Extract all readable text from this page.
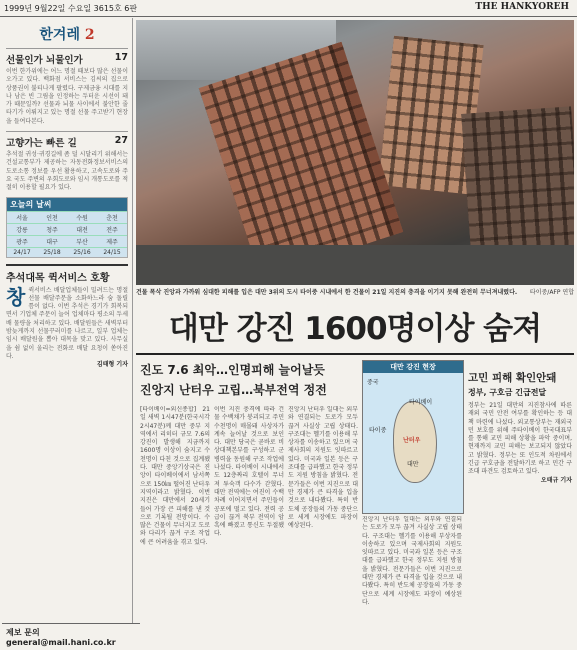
1999년 9월22일 수요일 3615호 6판	THE HANKYOREH
한겨레 2
선물인가 뇌물인가	17
이번 한가위에는 어느 명절 때보다 많은 선물이 오가고 있다. 백화점 서비스는 김씨의 집으로 상품권이 불티나게 팔렸다. 구제금융 시대를 지나 남은 빈 그림을 인정하는 두터운 시선이 돼가 때문일까? 선물과 뇌물 사이에서 불안한 줄타기가 이뤄지고 있는 명절 선물 주고받기 현장을 들여다본다.
고향가는 빠른 길	27
추석절 귀성·귀경길에 좀 덜 시달리기 위해서는 건설교통부가 제공하는 자동전화정보서비스의 도로소통 정보를 우선 활용하고, 고속도로와 주요 국도 주변의 우회도로와 임시 개통도로를 적절히 이용할 필요가 있다.
오늘의 날씨
서울	인천	수원	춘천
강릉	청주	대전	전주
광주	대구	부산	제주
24/17	25/18	25/16	24/15
추석대목 퀵서비스 호황
창퀵서비스 배달업체들이 밀려드는 명절 선물 배달주문을 소화하느라 숨 돌릴 틈이 없다. 이번 추석은 경기가 회복되면서 기업체 주문이 늘어 업체마다 평소의 두세 배 물량을 처리하고 있다. 배달원들은 새벽부터 밤늦게까지 선물꾸러미를 나르고, 일부 업체는 임시 배달원을 뽑아 대목을 맞고 있다. 사무실을 쉼 없이 울리는 전화로 배달 요청이 쏟아진다.
김태형 기자
제보 문의 general@mail.hani.co.kr
건물 폭삭 진앙과 가까워 심대한 피해를 입은 대만 3위의 도시 타이중 시내에서 한 건물이 21일 지진의 충격을 이기지 못해 완전히 무너져내렸다. 타이중/AFP 연합
대만 강진 1600명이상 숨져
진도 7.6 최악…인명피해 늘어날듯
진앙지 난터우 고립…북부전역 정전
대만 강진 현장
중국
타이베이
타이중
난터우
대만
고민 피해 확인안돼
정부, 구호금 긴급전달
정부는 21일 대만의 지진참사에 따른 재외 국민 안전 여부를 확인하는 등 대책 마련에 나섰다. 외교통상부는 재외국민 보호를 위해 주타이베이 한국대표부를 통해 교민 피해 상황을 파악 중이며, 현재까지 교민 피해는 보고되지 않았다고 밝혔다. 정부는 또 인도적 차원에서 긴급 구호금을 전달하기로 하고 민간 구조대 파견도 검토하고 있다.
오태규 기자
[타이베이=외신종합] 21일 새벽 1시47분(한국시각 2시47분)께 대만 중부 지역에서 리히터 규모 7.6의 강진이 발생해 지금까지 1600명 이상이 숨지고 수천명이 다친 것으로 집계됐다. 대만 중앙기상국은 진앙이 타이베이에서 남서쪽으로 150㎞ 떨어진 난터우 지역이라고 밝혔다. 이번 지진은 대만에서 20세기 들어 가장 큰 피해를 낸 것으로 기록될 전망이다. 수많은 건물이 무너지고 도로와 다리가 끊겨 구조 작업에 큰 어려움을 겪고 있다.
이번 지진 충격에 따라 건물 수백채가 붕괴되고 주민 수천명이 매몰돼 사상자가 계속 늘어날 것으로 보인다. 대만 당국은 곧바로 비상대책본부를 구성하고 군 병력을 동원해 구조 작업에 나섰다. 타이베이 시내에서도 12층짜리 호텔이 무너져 투숙객 다수가 갇혔다. 대만 전역에는 여진이 수백차례 이어지면서 주민들이 공포에 떨고 있다. 전력 공급이 끊겨 북부 전역이 암흑에 빠졌고 통신도 두절됐다.
진앙지 난터우 일대는 외부와 연결되는 도로가 모두 끊겨 사실상 고립 상태다. 구조대는 헬기를 이용해 부상자를 이송하고 있으며 국제사회의 지원도 잇따르고 있다. 미국과 일본 등은 구조대를 급파했고 한국 정부도 지원 방침을 밝혔다. 전문가들은 이번 지진으로 대만 경제가 큰 타격을 입을 것으로 내다봤다. 특히 반도체 공장들의 가동 중단으로 세계 시장에도 파장이 예상된다.
진앙지 난터우 일대는 외부와 연결되는 도로가 모두 끊겨 사실상 고립 상태다. 구조대는 헬기를 이용해 부상자를 이송하고 있으며 국제사회의 지원도 잇따르고 있다. 미국과 일본 등은 구조대를 급파했고 한국 정부도 지원 방침을 밝혔다. 전문가들은 이번 지진으로 대만 경제가 큰 타격을 입을 것으로 내다봤다. 특히 반도체 공장들의 가동 중단으로 세계 시장에도 파장이 예상된다.
